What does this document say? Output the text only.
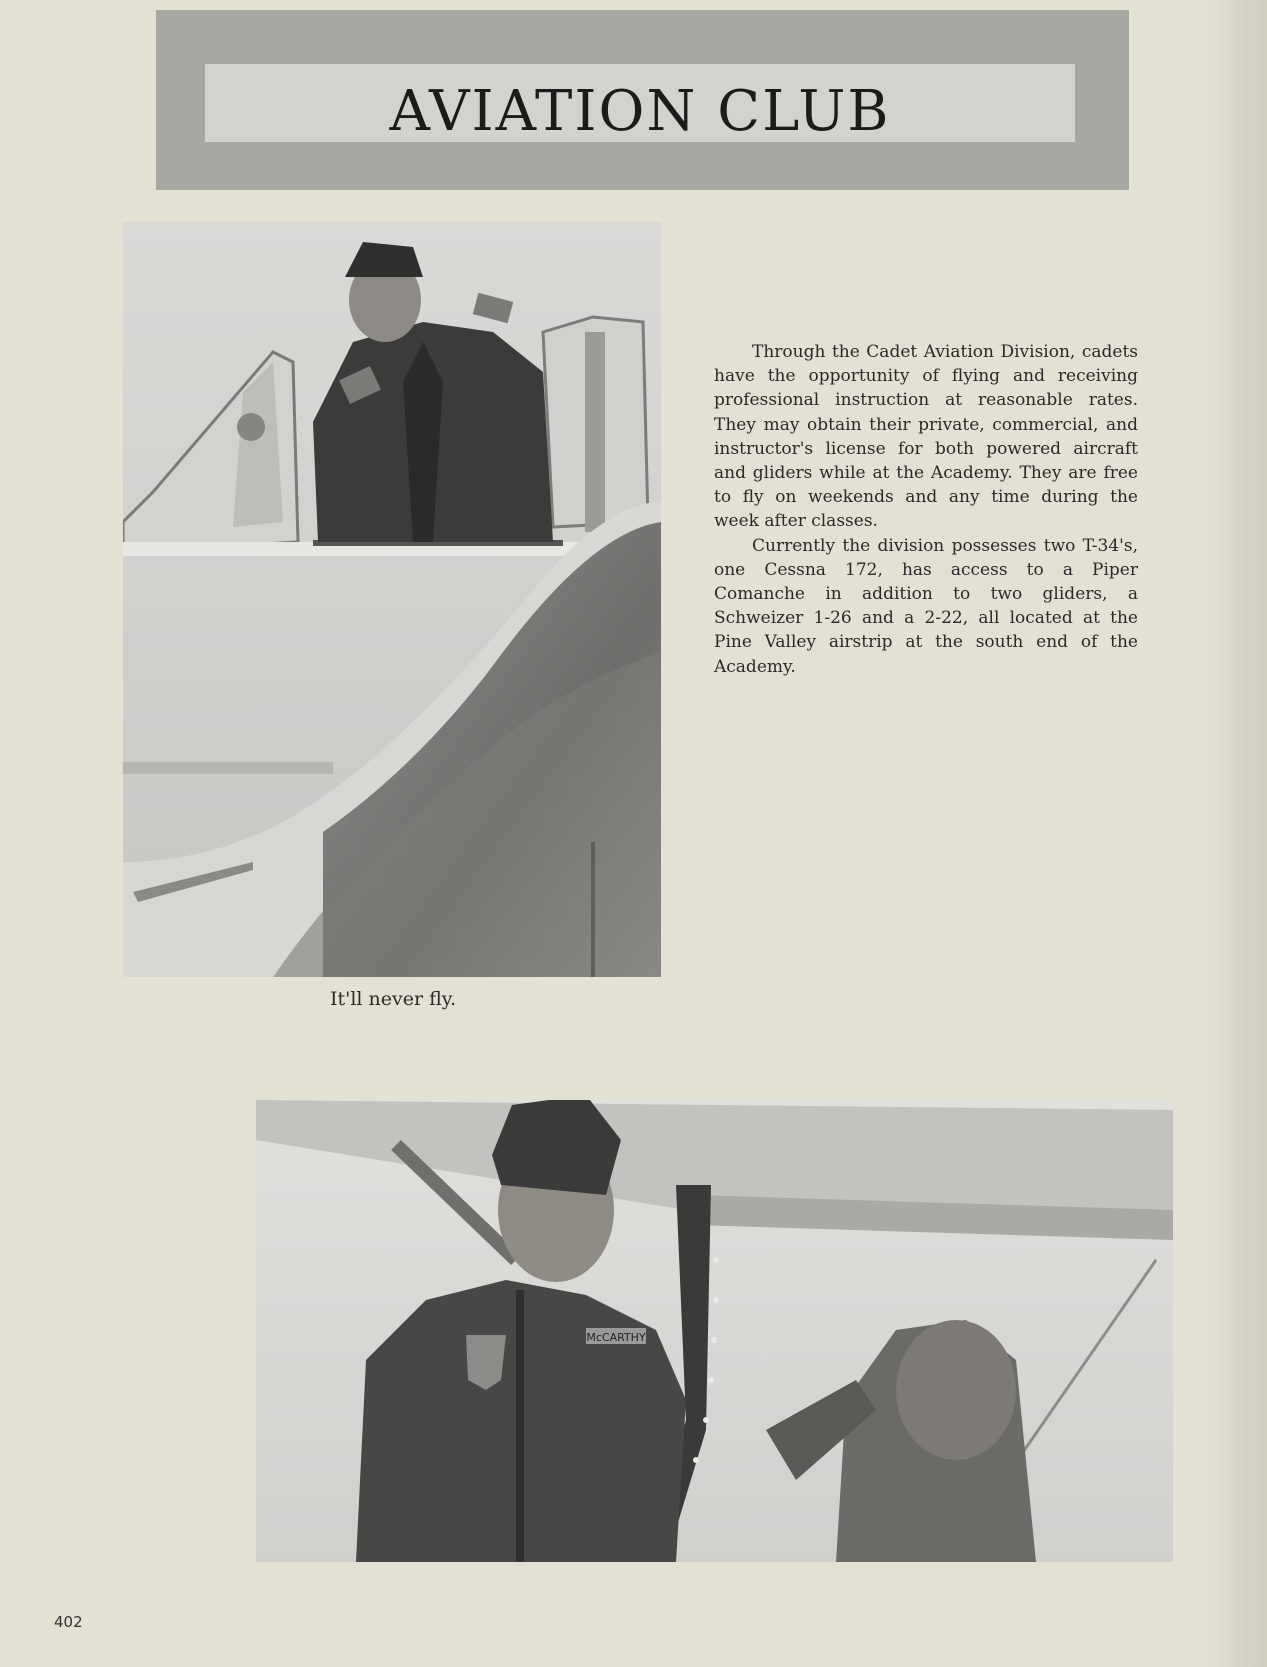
AVIATION CLUB
It'll never fly.

Through the Cadet Aviation Division, cadets have the opportunity of flying and receiving professional instruction at reasonable rates. They may obtain their private, commercial, and instructor's license for both powered aircraft and gliders while at the Academy. They are free to fly on weekends and any time during the week after classes.

Currently the division possesses two T-34's, one Cessna 172, has access to a Piper Comanche in addition to two gliders, a Schweizer 1-26 and a 2-22, all located at the Pine Valley airstrip at the south end of the Academy.

McCARTHY
402
